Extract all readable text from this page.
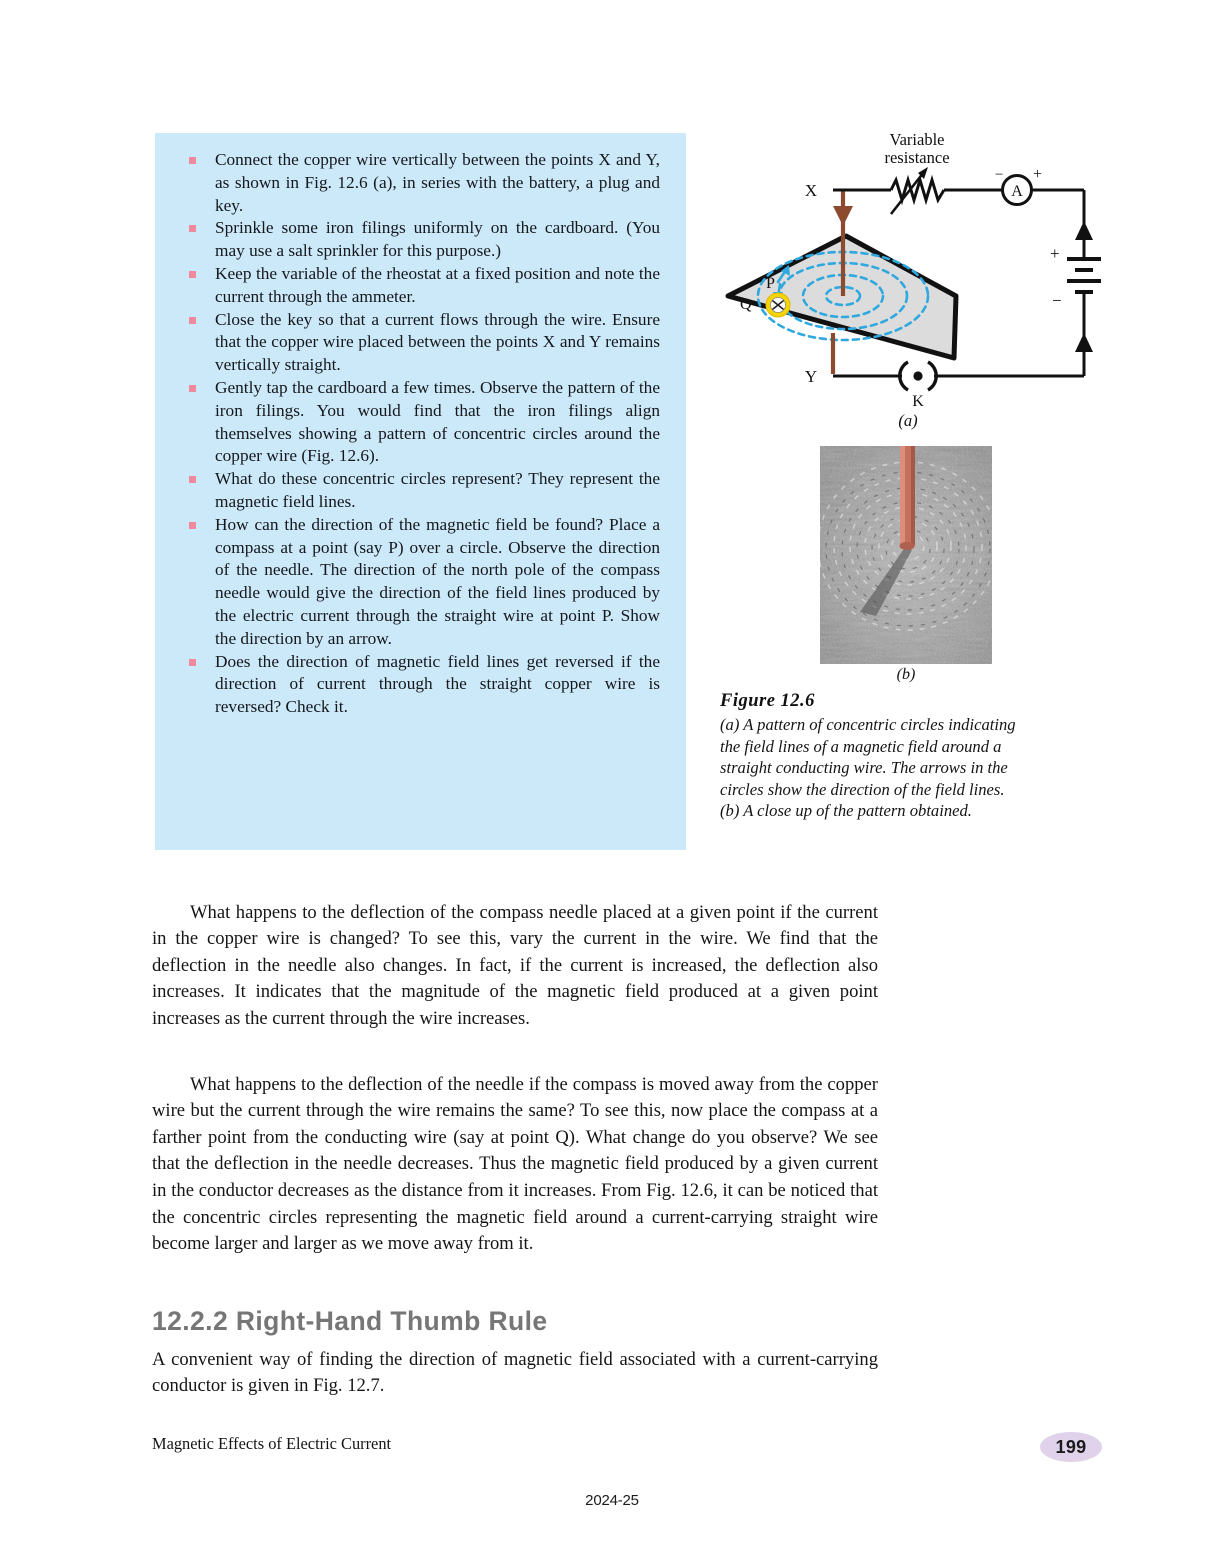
Connect the copper wire vertically between the points X and Y, as shown in Fig. 12.6 (a), in series with the battery, a plug and key.
Sprinkle some iron filings uniformly on the cardboard. (You may use a salt sprinkler for this purpose.)
Keep the variable of the rheostat at a fixed position and note the current through the ammeter.
Close the key so that a current flows through the wire. Ensure that the copper wire placed between the points X and Y remains vertically straight.
Gently tap the cardboard a few times. Observe the pattern of the iron filings. You would find that the iron filings align themselves showing a pattern of concentric circles around the copper wire (Fig. 12.6).
What do these concentric circles represent? They represent the magnetic field lines.
How can the direction of the magnetic field be found? Place a compass at a point (say P) over a circle. Observe the direction of the needle. The direction of the north pole of the compass needle would give the direction of the field lines produced by the electric current through the straight wire at point P. Show the direction by an arrow.
Does the direction of magnetic field lines get reversed if the direction of current through the straight copper wire is reversed? Check it.
P
Q
A
− +
+
−
K
X
Y
Variable
resistance
(a)
(b)
Figure 12.6
(a) A pattern of concentric circles indicating
the field lines of a magnetic field around a
straight conducting wire. The arrows in the
circles show the direction of the field lines.
(b) A close up of the pattern obtained.

What happens to the deflection of the compass needle placed at a given point if the current in the copper wire is changed? To see this, vary the current in the wire. We find that the deflection in the needle also changes. In fact, if the current is increased, the deflection also increases. It indicates that the magnitude of the magnetic field produced at a given point increases as the current through the wire increases.

What happens to the deflection of the needle if the compass is moved away from the copper wire but the current through the wire remains the same? To see this, now place the compass at a farther point from the conducting wire (say at point Q). What change do you observe? We see that the deflection in the needle decreases. Thus the magnetic field produced by a given current in the conductor decreases as the distance from it increases. From Fig. 12.6, it can be noticed that the concentric circles representing the magnetic field around a current-carrying straight wire become larger and larger as we move away from it.

12.2.2 Right-Hand Thumb Rule

A convenient way of finding the direction of magnetic field associated with a current-carrying conductor is given in Fig. 12.7.

Magnetic Effects of Electric Current	199
2024-25
